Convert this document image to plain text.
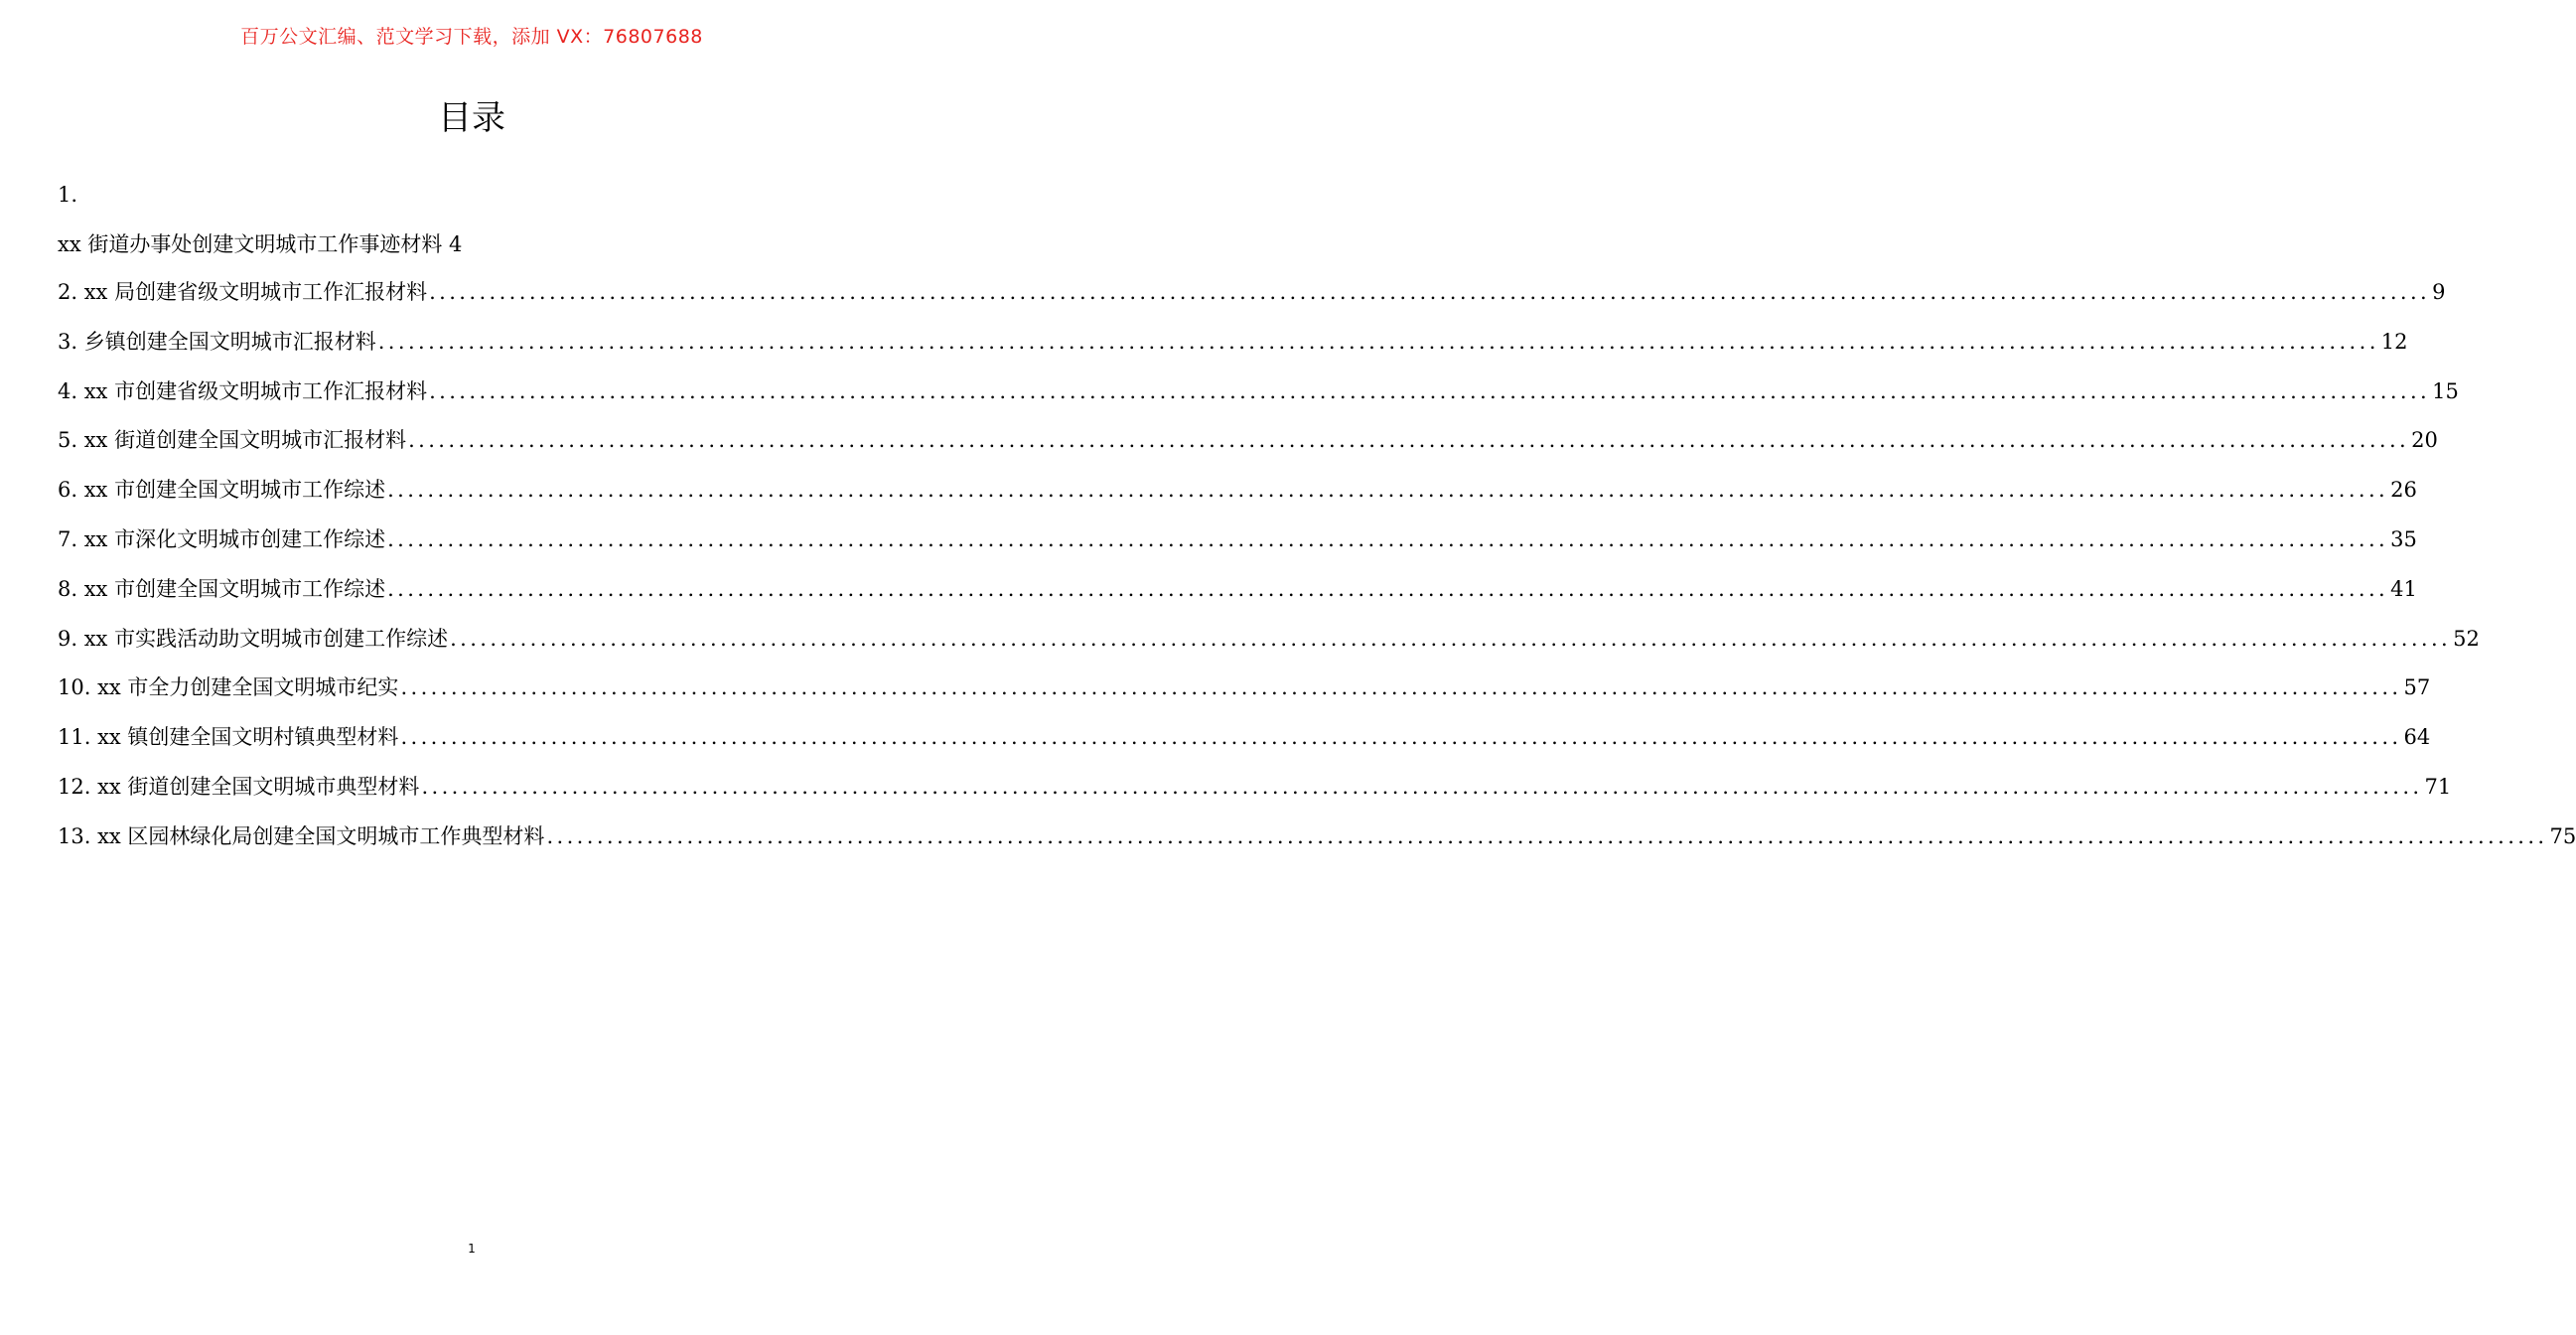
百万公文汇编、范文学习下载，添加 VX：76807688
目录
1.
xx 街道办事处创建文明城市工作事迹材料 4
2. xx 局创建省级文明城市工作汇报材料 ........................................................................................................................................................................................................ 9
3. 乡镇创建全国文明城市汇报材料 ........................................................................................................................................................................................................ 12
4. xx 市创建省级文明城市工作汇报材料 ........................................................................................................................................................................................................ 15
5. xx 街道创建全国文明城市汇报材料 ........................................................................................................................................................................................................ 20
6. xx 市创建全国文明城市工作综述 ........................................................................................................................................................................................................ 26
7. xx 市深化文明城市创建工作综述 ........................................................................................................................................................................................................ 35
8. xx 市创建全国文明城市工作综述 ........................................................................................................................................................................................................ 41
9. xx 市实践活动助文明城市创建工作综述 ........................................................................................................................................................................................................ 52
10. xx 市全力创建全国文明城市纪实 ........................................................................................................................................................................................................ 57
11. xx 镇创建全国文明村镇典型材料 ........................................................................................................................................................................................................ 64
12. xx 街道创建全国文明城市典型材料 ........................................................................................................................................................................................................ 71
13. xx 区园林绿化局创建全国文明城市工作典型材料 ........................................................................................................................................................................................................ 75
1
